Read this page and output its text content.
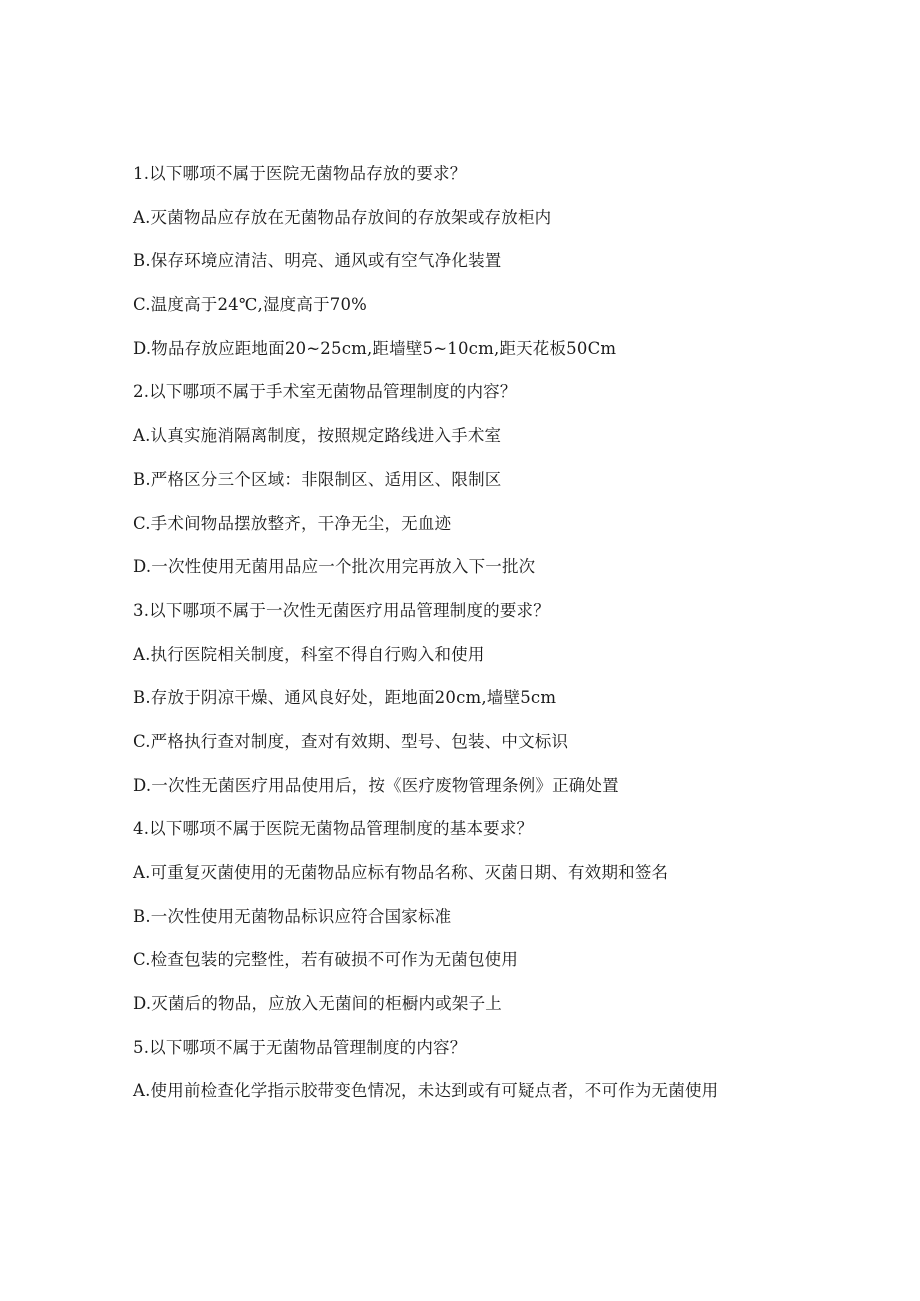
1.以下哪项不属于医院无菌物品存放的要求？
A.灭菌物品应存放在无菌物品存放间的存放架或存放柜内
B.保存环境应清洁、明亮、通风或有空气净化装置
C.温度高于24℃,湿度高于70%
D.物品存放应距地面20~25cm,距墙壁5~10cm,距天花板50Cm
2.以下哪项不属于手术室无菌物品管理制度的内容？
A.认真实施消隔离制度，按照规定路线进入手术室
B.严格区分三个区域：非限制区、适用区、限制区
C.手术间物品摆放整齐，干净无尘，无血迹
D.一次性使用无菌用品应一个批次用完再放入下一批次
3.以下哪项不属于一次性无菌医疗用品管理制度的要求？
A.执行医院相关制度，科室不得自行购入和使用
B.存放于阴凉干燥、通风良好处，距地面20cm,墙壁5cm
C.严格执行查对制度，查对有效期、型号、包装、中文标识
D.一次性无菌医疗用品使用后，按《医疗废物管理条例》正确处置
4.以下哪项不属于医院无菌物品管理制度的基本要求？
A.可重复灭菌使用的无菌物品应标有物品名称、灭菌日期、有效期和签名
B.一次性使用无菌物品标识应符合国家标准
C.检查包装的完整性，若有破损不可作为无菌包使用
D.灭菌后的物品，应放入无菌间的柜橱内或架子上
5.以下哪项不属于无菌物品管理制度的内容？
A.使用前检查化学指示胶带变色情况，未达到或有可疑点者，不可作为无菌使用
